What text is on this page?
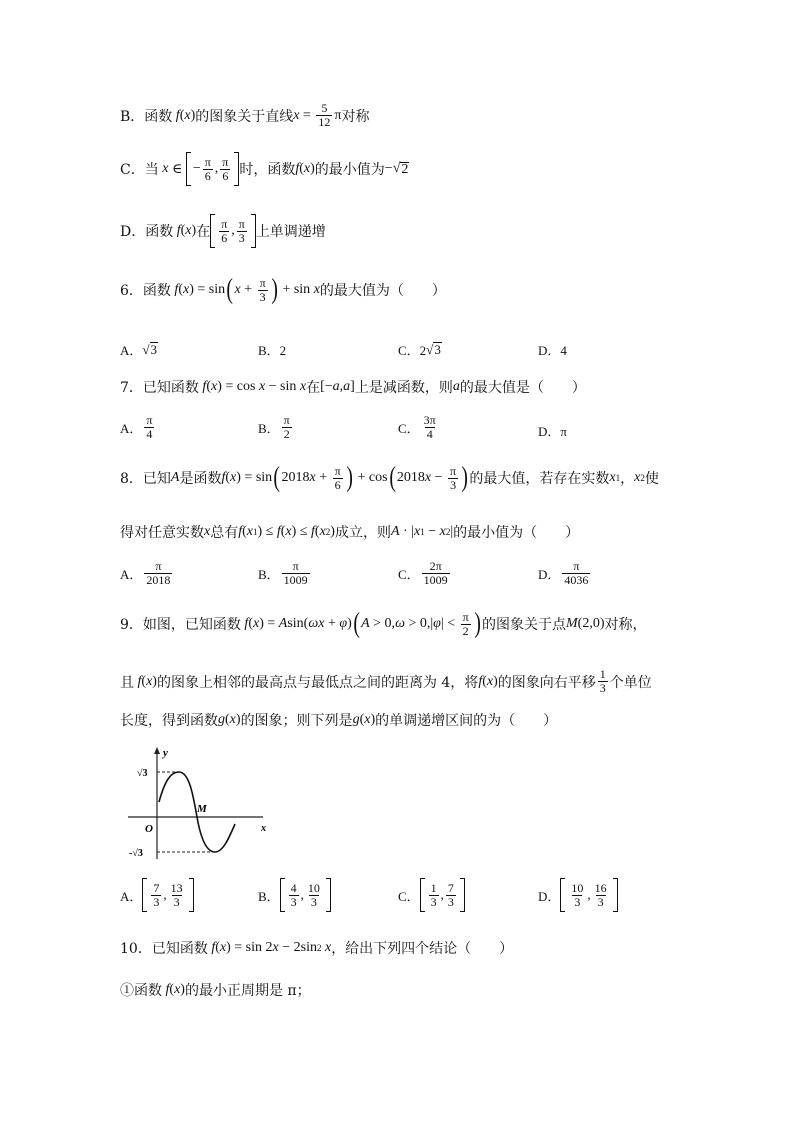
B．函数 f ( x ) 的图象关于直线 $x = \frac{5}{12}$ π 对称
C．当 x ∈ − $\frac{\pi}{6}$ , $\frac{\pi}{6}$ 时，函数 f ( x ) 的最小值为 − √ 2
D．函数 f ( x ) 在 $\frac{\pi}{6}$ , $\frac{\pi}{3}$ 上单调递增
6．函数 f ( x ) = sin ( $x + \frac{\pi}{3}$ ) + sin x 的最大值为（　　）
A． √ 3	B．2	C．2 √ 3	D．4
7．已知函数 f ( x ) = cos x − sin x 在 [− a , a ] 上是减函数，则 a 的最大值是（　　）
A． $\frac{\pi}{4}$	B． $\frac{\pi}{2}$	C． $\frac{3\pi}{4}$	D．π
8．已知 A 是函数 f ( x ) = sin ( 2018 $x + \frac{\pi}{6}$ ) + cos ( 2018 $x - \frac{\pi}{3}$ ) 的最大值，若存在实数 x 1 ， x 2 使
得对任意实数 x 总有 f ( x 1 ) ≤ f ( x ) ≤ f ( x 2 ) 成立，则 A · | x 1 − x 2 | 的最小值为（　　）
A． $\frac{\pi}{2018}$	B． $\frac{\pi}{1009}$	C． $\frac{2\pi}{1009}$	D． $\frac{\pi}{4036}$
9．如图，已知函数 f ( x ) = A sin( ωx + φ ) ( A > 0, ω > 0,| φ | < $\frac{\pi}{2}$ ) 的图象关于点 M (2,0) 对称，
且 f ( x ) 的图象上相邻的最高点与最低点之间的距离为 4，将 f ( x ) 的图象向右平移 $\frac{1}{3}$ 个单位
长度，得到函数 g ( x ) 的图象；则下列是 g ( x ) 的单调递增区间的为（　　）
y
x
O
M
√3
-√3
A． $\frac{7}{3}$ , $\frac{13}{3}$	B． $\frac{4}{3}$ , $\frac{10}{3}$	C． $\frac{1}{3}$ , $\frac{7}{3}$	D． $\frac{10}{3}$ , $\frac{16}{3}$
10．已知函数 f ( x ) = sin 2 x − 2sin 2 x ，给出下列四个结论（　　）
①函数 f ( x ) 的最小正周期是 π；
